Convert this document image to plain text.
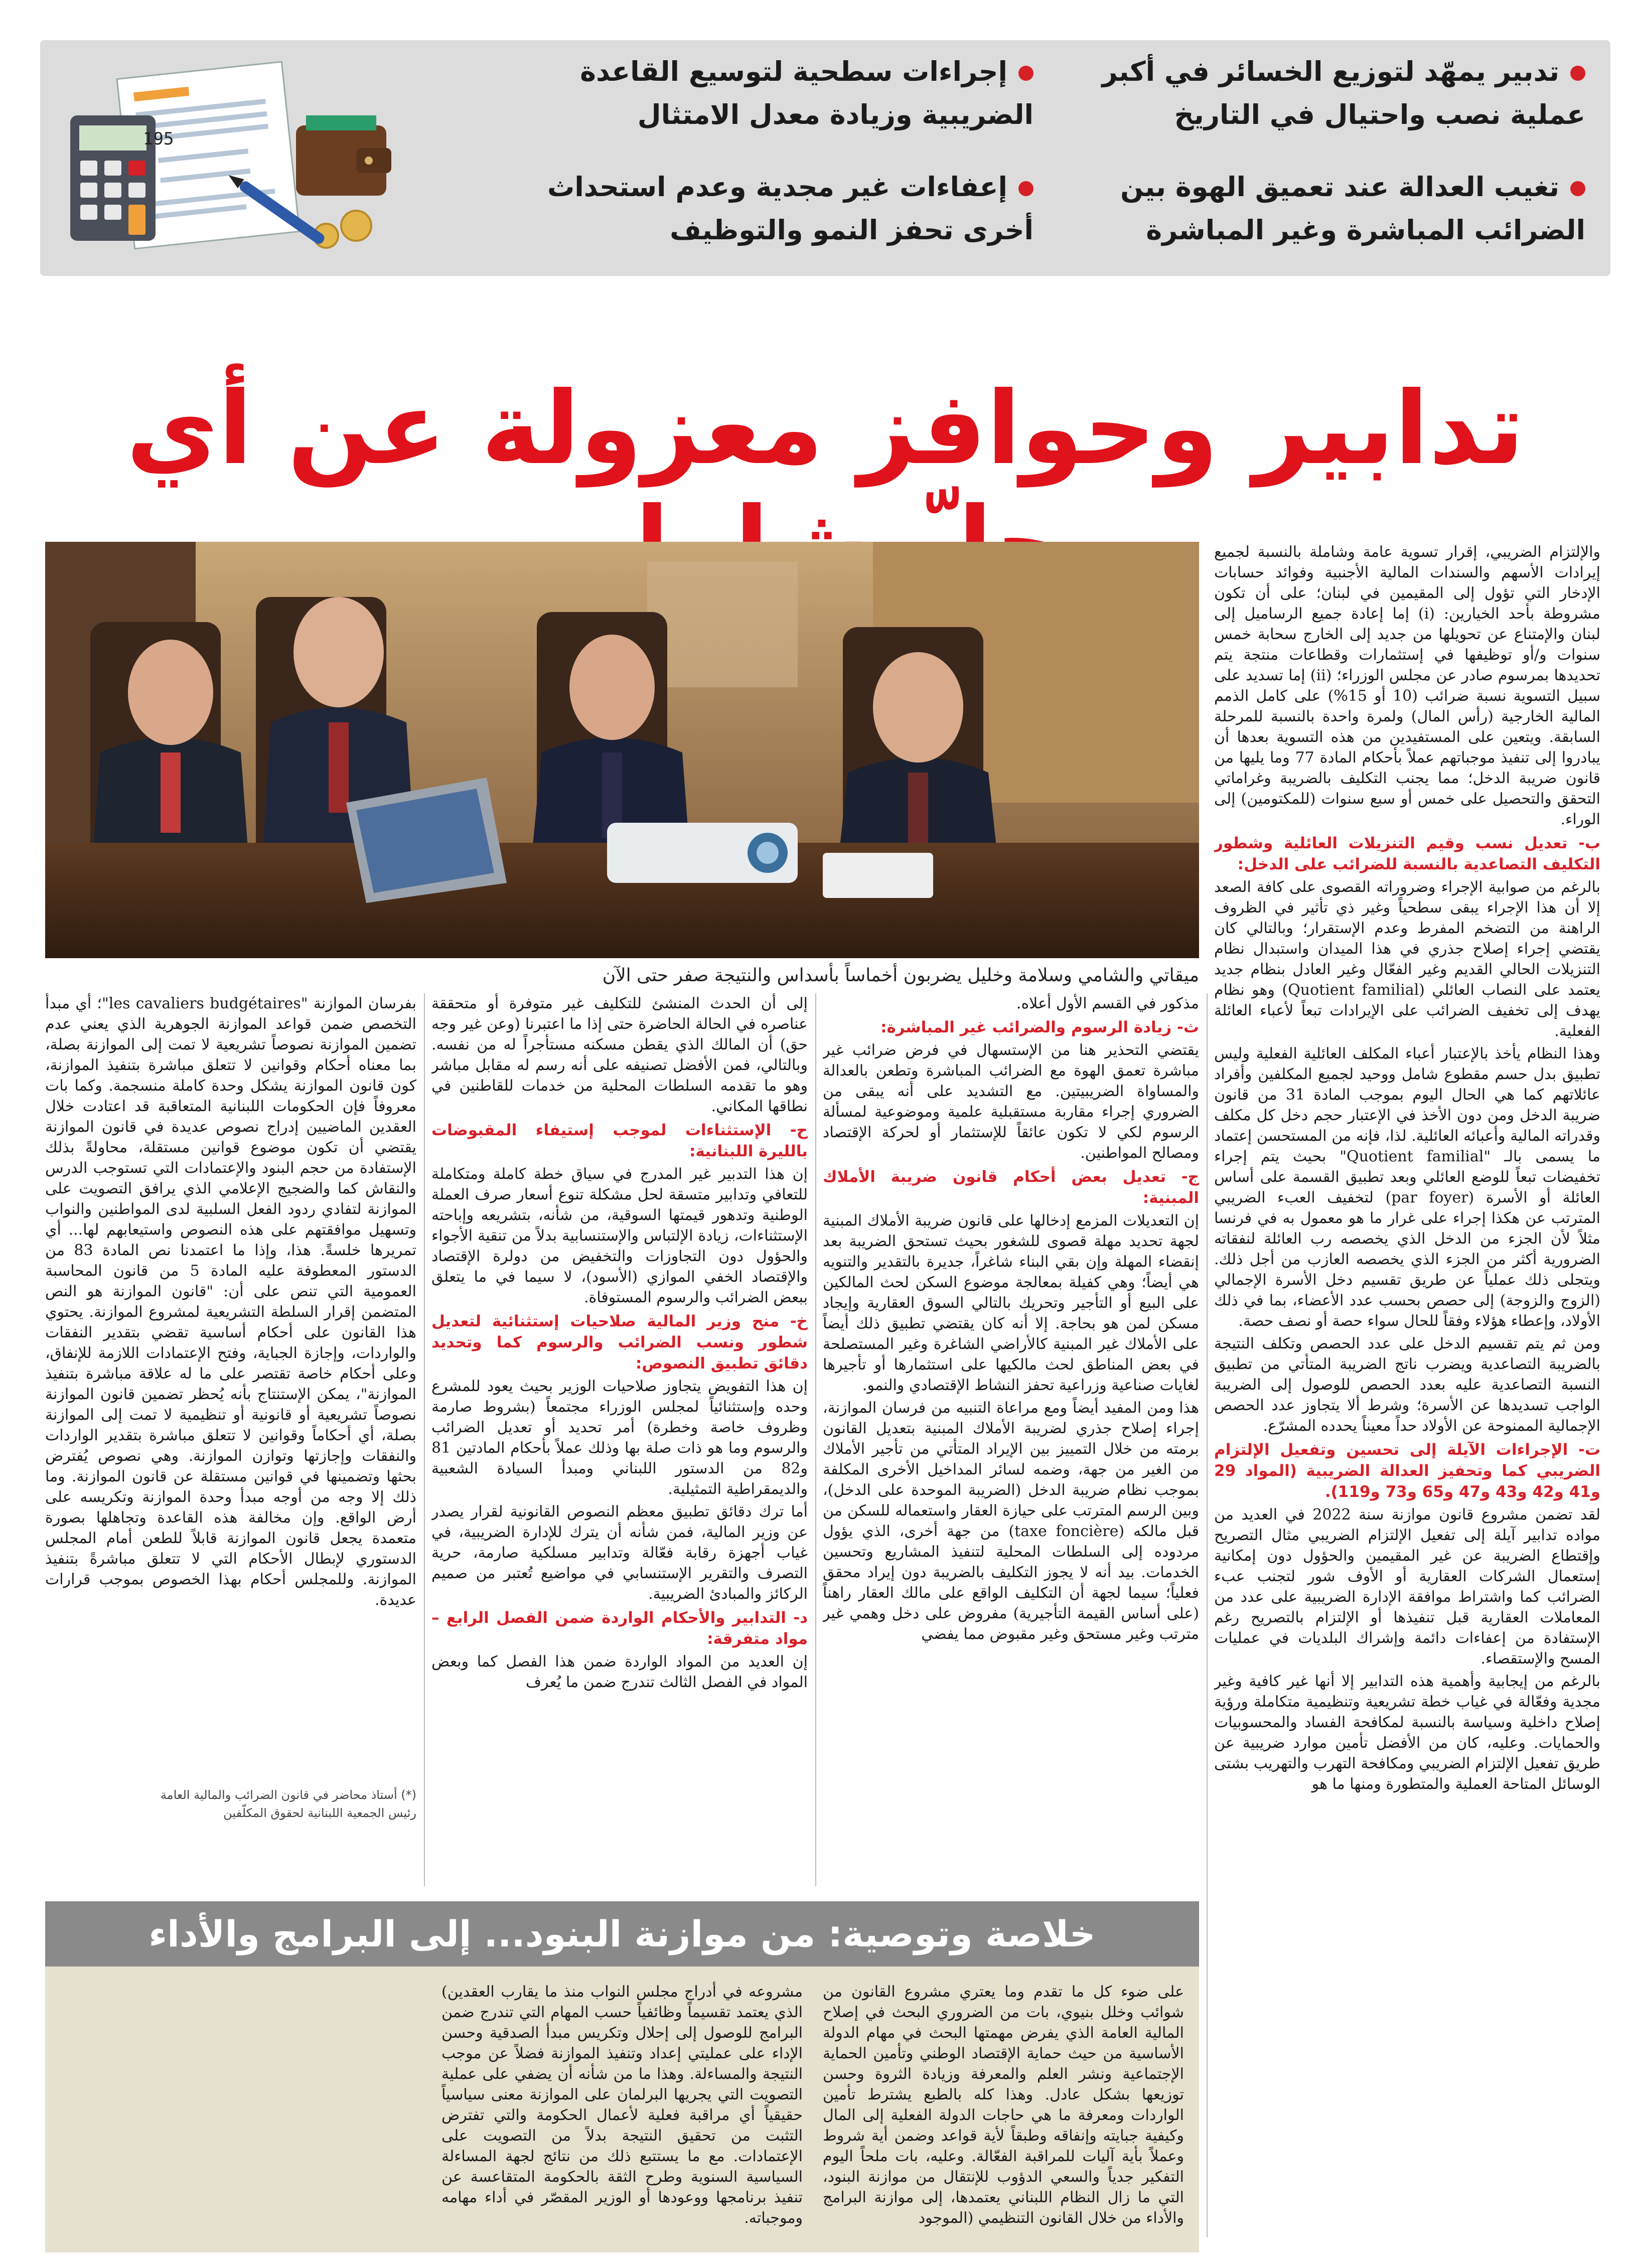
تدبير يمهّد لتوزيع الخسائر في أكبر عملية نصب واحتيال في التاريخ
إجراءات سطحية لتوسيع القاعدة الضريبية وزيادة معدل الامتثال
تغيب العدالة عند تعميق الهوة بين الضرائب المباشرة وغير المباشرة
إعفاءات غير مجدية وعدم استحداث أخرى تحفز النمو والتوظيف
195
تدابير وحوافز معزولة عن أي
ميقاتي والشامي وسلامة وخليل يضربون أخماساً بأسداس والنتيجة صفر حتى الآن

والإلتزام الضريبي، إقرار تسوية عامة وشاملة بالنسبة لجميع إيرادات الأسهم والسندات المالية الأجنبية وفوائد حسابات الإدخار التي تؤول إلى المقيمين في لبنان؛ على أن تكون مشروطة بأحد الخيارين: (i) إما إعادة جميع الرساميل إلى لبنان والإمتناع عن تحويلها من جديد إلى الخارج سحابة خمس سنوات و/أو توظيفها في إستثمارات وقطاعات منتجة يتم تحديدها بمرسوم صادر عن مجلس الوزراء؛ (ii) إما تسديد على سبيل التسوية نسبة ضرائب (10 أو 15%) على كامل الذمم المالية الخارجية (رأس المال) ولمرة واحدة بالنسبة للمرحلة السابقة. ويتعين على المستفيدين من هذه التسوية بعدها أن يبادروا إلى تنفيذ موجباتهم عملاً بأحكام المادة 77 وما يليها من قانون ضريبة الدخل؛ مما يجنب التكليف بالضريبة وغراماتي التحقق والتحصيل على خمس أو سبع سنوات (للمكتومين) إلى الوراء.

ب- تعديل نسب وقيم التنزيلات العائلية وشطور التكليف التصاعدية بالنسبة للضرائب على الدخل:

بالرغم من صوابية الإجراء وضروراته القصوى على كافة الصعد إلا أن هذا الإجراء يبقى سطحياً وغير ذي تأثير في الظروف الراهنة من التضخم المفرط وعدم الإستقرار؛ وبالتالي كان يقتضي إجراء إصلاح جذري في هذا الميدان واستبدال نظام التنزيلات الحالي القديم وغير الفعّال وغير العادل بنظام جديد يعتمد على النصاب العائلي (Quotient familial) وهو نظام يهدف إلى تخفيف الضرائب على الإيرادات تبعاً لأعباء العائلة الفعلية.

وهذا النظام يأخذ بالإعتبار أعباء المكلف العائلية الفعلية وليس تطبيق بدل حسم مقطوع شامل ووحيد لجميع المكلفين وأفراد عائلاتهم كما هي الحال اليوم بموجب المادة 31 من قانون ضريبة الدخل ومن دون الأخذ في الإعتبار حجم دخل كل مكلف وقدراته المالية وأعبائه العائلية. لذا، فإنه من المستحسن إعتماد ما يسمى بالـ "Quotient familial" بحيث يتم إجراء تخفيضات تبعاً للوضع العائلي وبعد تطبيق القسمة على أساس العائلة أو الأسرة (par foyer) لتخفيف العبء الضريبي المترتب عن هكذا إجراء على غرار ما هو معمول به في فرنسا مثلاً لأن الجزء من الدخل الذي يخصصه رب العائلة لنفقاته الضرورية أكثر من الجزء الذي يخصصه العازب من أجل ذلك. ويتجلى ذلك عملياً عن طريق تقسيم دخل الأسرة الإجمالي (الزوج والزوجة) إلى حصص بحسب عدد الأعضاء، بما في ذلك الأولاد، وإعطاء هؤلاء وفقاً للحال سواء حصة أو نصف حصة.

ومن ثم يتم تقسيم الدخل على عدد الحصص وتكلف النتيجة بالضريبة التصاعدية ويضرب ناتج الضريبة المتأتي من تطبيق النسبة التصاعدية عليه بعدد الحصص للوصول إلى الضريبة الواجب تسديدها عن الأسرة؛ وشرط ألا يتجاوز عدد الحصص الإجمالية الممنوحة عن الأولاد حداً معيناً يحدده المشرّع.

ت- الإجراءات الآيلة إلى تحسين وتفعيل الإلتزام الضريبي كما وتحفيز العدالة الضريبية (المواد 29 و41 و42 و43 و47 و65 و73 و119).

لقد تضمن مشروع قانون موازنة سنة 2022 في العديد من مواده تدابير آيلة إلى تفعيل الإلتزام الضريبي مثال التصريح وإقتطاع الضريبة عن غير المقيمين والحؤول دون إمكانية إستعمال الشركات العقارية أو الأوف شور لتجنب عبء الضرائب كما واشتراط موافقة الإدارة الضريبية على عدد من المعاملات العقارية قبل تنفيذها أو الإلتزام بالتصريح رغم الإستفادة من إعفاءات دائمة وإشراك البلديات في عمليات المسح والإستقصاء.

بالرغم من إيجابية وأهمية هذه التدابير إلا أنها غير كافية وغير مجدية وفعّالة في غياب خطة تشريعية وتنظيمية متكاملة ورؤية إصلاح داخلية وسياسة بالنسبة لمكافحة الفساد والمحسوبيات والحمايات. وعليه، كان من الأفضل تأمين موارد ضريبية عن طريق تفعيل الإلتزام الضريبي ومكافحة التهرب والتهريب بشتى الوسائل المتاحة العملية والمتطورة ومنها ما هو

مذكور في القسم الأول أعلاه.

ث- زيادة الرسوم والضرائب غير المباشرة:

يقتضي التحذير هنا من الإستسهال في فرض ضرائب غير مباشرة تعمق الهوة مع الضرائب المباشرة وتطعن بالعدالة والمساواة الضريبيتين. مع التشديد على أنه يبقى من الضروري إجراء مقاربة مستقبلية علمية وموضوعية لمسألة الرسوم لكي لا تكون عائقاً للإستثمار أو لحركة الإقتصاد ومصالح المواطنين.

ج- تعديل بعض أحكام قانون ضريبة الأملاك المبنية:

إن التعديلات المزمع إدخالها على قانون ضريبة الأملاك المبنية لجهة تحديد مهلة قصوى للشغور بحيث تستحق الضريبة بعد إنقضاء المهلة وإن بقي البناء شاغراً، جديرة بالتقدير والتنويه هي أيضاً؛ وهي كفيلة بمعالجة موضوع السكن لحث المالكين على البيع أو التأجير وتحريك بالتالي السوق العقارية وإيجاد مسكن لمن هو بحاجة. إلا أنه كان يقتضي تطبيق ذلك أيضاً على الأملاك غير المبنية كالأراضي الشاغرة وغير المستصلحة في بعض المناطق لحث مالكيها على استثمارها أو تأجيرها لغايات صناعية وزراعية تحفز النشاط الإقتصادي والنمو.

هذا ومن المفيد أيضاً ومع مراعاة التنبيه من فرسان الموازنة، إجراء إصلاح جذري لضريبة الأملاك المبنية بتعديل القانون برمته من خلال التمييز بين الإيراد المتأتي من تأجير الأملاك من الغير من جهة، وضمه لسائر المداخيل الأخرى المكلفة بموجب نظام ضريبة الدخل (الضريبة الموحدة على الدخل)، وبين الرسم المترتب على حيازة العقار واستعماله للسكن من قبل مالكه (taxe foncière) من جهة أخرى، الذي يؤول مردوده إلى السلطات المحلية لتنفيذ المشاريع وتحسين الخدمات. بيد أنه لا يجوز التكليف بالضريبة دون إيراد محقق فعلياً؛ سيما لجهة أن التكليف الواقع على مالك العقار راهناً (على أساس القيمة التأجيرية) مفروض على دخل وهمي غير مترتب وغير مستحق وغير مقبوض مما يفضي

إلى أن الحدث المنشئ للتكليف غير متوفرة أو متحققة عناصره في الحالة الحاضرة حتى إذا ما اعتبرنا (وعن غير وجه حق) أن المالك الذي يقطن مسكنه مستأجراً له من نفسه. وبالتالي، فمن الأفضل تصنيفه على أنه رسم له مقابل مباشر وهو ما تقدمه السلطات المحلية من خدمات للقاطنين في نطاقها المكاني.

ح- الإستثناءات لموجب إستيفاء المقبوضات بالليرة اللبنانية:

إن هذا التدبير غير المدرج في سياق خطة كاملة ومتكاملة للتعافي وتدابير متسقة لحل مشكلة تنوع أسعار صرف العملة الوطنية وتدهور قيمتها السوقية، من شأنه، بتشريعه وإباحته الإستثناءات، زيادة الإلتباس والإستنسابية بدلاً من تنقية الأجواء والحؤول دون التجاوزات والتخفيض من دولرة الإقتصاد والإقتصاد الخفي الموازي (الأسود)، لا سيما في ما يتعلق ببعض الضرائب والرسوم المستوفاة.

خ- منح وزير المالية صلاحيات إستثنائية لتعديل شطور ونسب الضرائب والرسوم كما وتحديد دقائق تطبيق النصوص:

إن هذا التفويض يتجاوز صلاحيات الوزير بحيث يعود للمشرع وحده وإستثنائياً لمجلس الوزراء مجتمعاً (بشروط صارمة وظروف خاصة وخطرة) أمر تحديد أو تعديل الضرائب والرسوم وما هو ذات صلة بها وذلك عملاً بأحكام المادتين 81 و82 من الدستور اللبناني ومبدأ السيادة الشعبية والديمقراطية التمثيلية.

أما ترك دقائق تطبيق معظم النصوص القانونية لقرار يصدر عن وزير المالية، فمن شأنه أن يترك للإدارة الضريبية، في غياب أجهزة رقابة فعّالة وتدابير مسلكية صارمة، حرية التصرف والتقرير الإستنسابي في مواضيع تُعتبر من صميم الركائز والمبادئ الضريبية.

د- التدابير والأحكام الواردة ضمن الفصل الرابع – مواد متفرقة:

إن العديد من المواد الواردة ضمن هذا الفصل كما وبعض المواد في الفصل الثالث تندرج ضمن ما يُعرف

بفرسان الموازنة "les cavaliers budgétaires"؛ أي مبدأ التخصص ضمن قواعد الموازنة الجوهرية الذي يعني عدم تضمين الموازنة نصوصاً تشريعية لا تمت إلى الموازنة بصلة، بما معناه أحكام وقوانين لا تتعلق مباشرة بتنفيذ الموازنة، كون قانون الموازنة يشكل وحدة كاملة منسجمة. وكما بات معروفاً فإن الحكومات اللبنانية المتعاقبة قد اعتادت خلال العقدين الماضيين إدراج نصوص عديدة في قانون الموازنة يقتضي أن تكون موضوع قوانين مستقلة، محاولةً بذلك الإستفادة من حجم البنود والإعتمادات التي تستوجب الدرس والنقاش كما والضجيج الإعلامي الذي يرافق التصويت على الموازنة لتفادي ردود الفعل السلبية لدى المواطنين والنواب وتسهيل موافقتهم على هذه النصوص واستيعابهم لها... أي تمريرها خلسةً. هذا، وإذا ما اعتمدنا نص المادة 83 من الدستور المعطوفة عليه المادة 5 من قانون المحاسبة العمومية التي تنص على أن: "قانون الموازنة هو النص المتضمن إقرار السلطة التشريعية لمشروع الموازنة. يحتوي هذا القانون على أحكام أساسية تقضي بتقدير النفقات والواردات، وإجازة الجباية، وفتح الإعتمادات اللازمة للإنفاق، وعلى أحكام خاصة تقتصر على ما له علاقة مباشرة بتنفيذ الموازنة"، يمكن الإستنتاج بأنه يُحظر تضمين قانون الموازنة نصوصاً تشريعية أو قانونية أو تنظيمية لا تمت إلى الموازنة بصلة، أي أحكاماً وقوانين لا تتعلق مباشرة بتقدير الواردات والنفقات وإجازتها وتوازن الموازنة. وهي نصوص يُفترض بحثها وتضمينها في قوانين مستقلة عن قانون الموازنة. وما ذلك إلا وجه من أوجه مبدأ وحدة الموازنة وتكريسه على أرض الواقع. وإن مخالفة هذه القاعدة وتجاهلها بصورة متعمدة يجعل قانون الموازنة قابلاً للطعن أمام المجلس الدستوري لإبطال الأحكام التي لا تتعلق مباشرةً بتنفيذ الموازنة. وللمجلس أحكام بهذا الخصوص بموجب قرارات عديدة.

(*) أستاذ محاضر في قانون الضرائب والمالية العامة
رئيس الجمعية اللبنانية لحقوق المكلّفين
خلاصة وتوصية: من موازنة البنود... إلى البرامج والأداء
على ضوء كل ما تقدم وما يعتري مشروع القانون من شوائب وخلل بنيوي، بات من الضروري البحث في إصلاح المالية العامة الذي يفرض مهمتها البحث في مهام الدولة الأساسية من حيث حماية الإقتصاد الوطني وتأمين الحماية الإجتماعية ونشر العلم والمعرفة وزيادة الثروة وحسن توزيعها بشكل عادل. وهذا كله بالطبع يشترط تأمين الواردات ومعرفة ما هي حاجات الدولة الفعلية إلى المال وكيفية جبايته وإنفاقه وطبقاً لأية قواعد وضمن أية شروط وعملاً بأية آليات للمراقبة الفعّالة. وعليه، بات ملحاً اليوم التفكير جدياً والسعي الدؤوب للإنتقال من موازنة البنود، التي ما زال النظام اللبناني يعتمدها، إلى موازنة البرامج والأداء من خلال القانون التنظيمي (الموجود
مشروعه في أدراج مجلس النواب منذ ما يقارب العقدين) الذي يعتمد تقسيماً وظائفياً حسب المهام التي تندرج ضمن البرامج للوصول إلى إحلال وتكريس مبدأ الصدقية وحسن الإداء على عمليتي إعداد وتنفيذ الموازنة فضلاً عن موجب النتيجة والمساءلة. وهذا ما من شأنه أن يضفي على عملية التصويت التي يجريها البرلمان على الموازنة معنى سياسياً حقيقياً أي مراقبة فعلية لأعمال الحكومة والتي تفترض التثبت من تحقيق النتيجة بدلاً من التصويت على الإعتمادات. مع ما يستتبع ذلك من نتائج لجهة المساءلة السياسية السنوية وطرح الثقة بالحكومة المتقاعسة عن تنفيذ برنامجها ووعودها أو الوزير المقصّر في أداء مهامه وموجباته.
